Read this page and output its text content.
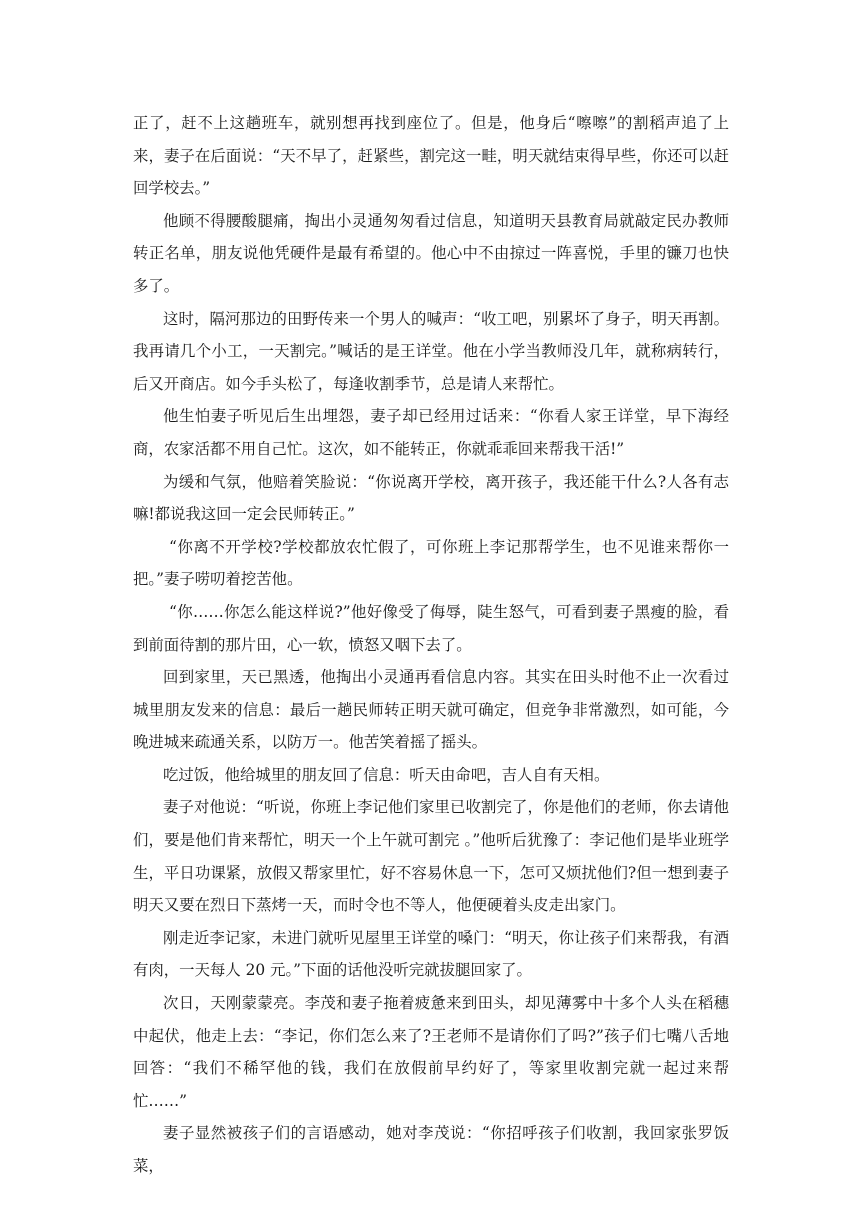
正了，赶不上这趟班车，就别想再找到座位了。但是，他身后“嚓嚓”的割稻声追了上来，妻子在后面说：“天不早了，赶紧些，割完这一畦，明天就结束得早些，你还可以赶回学校去。”

他顾不得腰酸腿痛，掏出小灵通匆匆看过信息，知道明天县教育局就敲定民办教师转正名单，朋友说他凭硬件是最有希望的。他心中不由掠过一阵喜悦，手里的镰刀也快多了。

这时，隔河那边的田野传来一个男人的喊声：“收工吧，别累坏了身子，明天再割。我再请几个小工，一天割完。”喊话的是王详堂。他在小学当教师没几年，就称病转行，后又开商店。如今手头松了，每逢收割季节，总是请人来帮忙。

他生怕妻子听见后生出埋怨，妻子却已经用过话来：“你看人家王详堂，早下海经商，农家活都不用自己忙。这次，如不能转正，你就乖乖回来帮我干活!”

为缓和气氛，他赔着笑脸说：“你说离开学校，离开孩子，我还能干什么?人各有志嘛!都说我这回一定会民师转正。”

“你离不开学校?学校都放农忙假了，可你班上李记那帮学生，也不见谁来帮你一把。”妻子唠叨着挖苦他。

“你……你怎么能这样说?”他好像受了侮辱，陡生怒气，可看到妻子黑瘦的脸，看到前面待割的那片田，心一软，愤怒又咽下去了。

回到家里，天已黑透，他掏出小灵通再看信息内容。其实在田头时他不止一次看过城里朋友发来的信息：最后一趟民师转正明天就可确定，但竞争非常激烈，如可能，今晚进城来疏通关系，以防万一。他苦笑着摇了摇头。

吃过饭，他给城里的朋友回了信息：听天由命吧，吉人自有天相。

妻子对他说：“听说，你班上李记他们家里已收割完了，你是他们的老师，你去请他们，要是他们肯来帮忙，明天一个上午就可割完 。”他听后犹豫了：李记他们是毕业班学生，平日功课紧，放假又帮家里忙，好不容易休息一下，怎可又烦扰他们?但一想到妻子明天又要在烈日下蒸烤一天，而时令也不等人，他便硬着头皮走出家门。

刚走近李记家，未进门就听见屋里王详堂的嗓门：“明天，你让孩子们来帮我，有酒有肉，一天每人 20 元。”下面的话他没听完就拔腿回家了。

次日，天刚蒙蒙亮。李茂和妻子拖着疲惫来到田头，却见薄雾中十多个人头在稻穗中起伏，他走上去：“李记，你们怎么来了?王老师不是请你们了吗?”孩子们七嘴八舌地回答：“我们不稀罕他的钱，我们在放假前早约好了，等家里收割完就一起过来帮忙……”

妻子显然被孩子们的言语感动，她对李茂说：“你招呼孩子们收割，我回家张罗饭菜，
